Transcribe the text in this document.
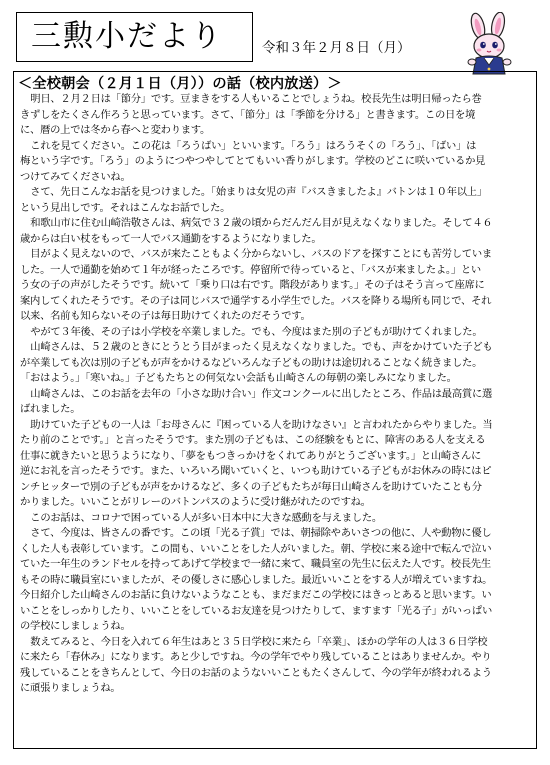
三勲小だより	令和３年２月８日（月）
＜全校朝会（２月１日（月））の話（校内放送）＞
明日、２月２日は「節分」です。豆まきをする人もいることでしょうね。校長先生は明日帰ったら巻
きずしをたくさん作ろうと思っています。さて、「節分」は「季節を分ける」と書きます。この日を境
に、暦の上では冬から春へと変わります。
これを見てください。この花は「ろうばい」といいます。「ろう」はろうそくの「ろう」、「ばい」は
梅という字です。「ろう」のようにつやつやしてとてもいい香りがします。学校のどこに咲いているか見
つけてみてくださいね。
さて、先日こんなお話を見つけました。「始まりは女児の声『バスきましたよ』バトンは１０年以上」
という見出しです。それはこんなお話でした。
和歌山市に住む山崎浩敬さんは、病気で３２歳の頃からだんだん目が見えなくなりました。そして４６
歳からは白い杖をもって一人でバス通勤をするようになりました。
目がよく見えないので、バスが来たこともよく分からないし、バスのドアを探すことにも苦労していま
した。一人で通勤を始めて１年が経ったころです。停留所で待っていると、「バスが来ましたよ。」とい
う女の子の声がしたそうです。続いて「乗り口は右です。階段があります。」その子はそう言って座席に
案内してくれたそうです。その子は同じバスで通学する小学生でした。バスを降りる場所も同じで、それ
以来、名前も知らないその子は毎日助けてくれたのだそうです。
やがて３年後、その子は小学校を卒業しました。でも、今度はまた別の子どもが助けてくれました。
山崎さんは、５２歳のときにとうとう目がまったく見えなくなりました。でも、声をかけていた子ども
が卒業しても次は別の子どもが声をかけるなどいろんな子どもの助けは途切れることなく続きました。
「おはよう。」「寒いね。」子どもたちとの何気ない会話も山崎さんの毎朝の楽しみになりました。
山崎さんは、このお話を去年の「小さな助け合い」作文コンクールに出したところ、作品は最高賞に選
ばれました。
助けていた子どもの一人は「お母さんに『困っている人を助けなさい』と言われたからやりました。当
たり前のことです。」と言ったそうです。また別の子どもは、この経験をもとに、障害のある人を支える
仕事に就きたいと思うようになり、「夢をもつきっかけをくれてありがとうございます。」と山崎さんに
逆にお礼を言ったそうです。また、いろいろ聞いていくと、いつも助けている子どもがお休みの時にはピ
ンチヒッターで別の子どもが声をかけるなど、多くの子どもたちが毎日山崎さんを助けていたことも分
かりました。いいことがリレーのバトンパスのように受け継がれたのですね。
このお話は、コロナで困っている人が多い日本中に大きな感動を与えました。
さて、今度は、皆さんの番です。この頃「光る子賞」では、朝掃除やあいさつの他に、人や動物に優し
くした人も表彰しています。この間も、いいことをした人がいました。朝、学校に来る途中で転んで泣い
ていた一年生のランドセルを持ってあげて学校まで一緒に来て、職員室の先生に伝えた人です。校長先生
もその時に職員室にいましたが、その優しさに感心しました。最近いいことをする人が増えていますね。
今日紹介した山崎さんのお話に負けないようなことも、まだまだこの学校にはきっとあると思います。い
いことをしっかりしたり、いいことをしているお友達を見つけたりして、ますます「光る子」がいっぱい
の学校にしましょうね。
数えてみると、今日を入れて６年生はあと３５日学校に来たら「卒業」、ほかの学年の人は３６日学校
に来たら「春休み」になります。あと少しですね。今の学年でやり残していることはありませんか。やり
残していることをきちんとして、今日のお話のようないいこともたくさんして、今の学年が終われるよう
に頑張りましょうね。
